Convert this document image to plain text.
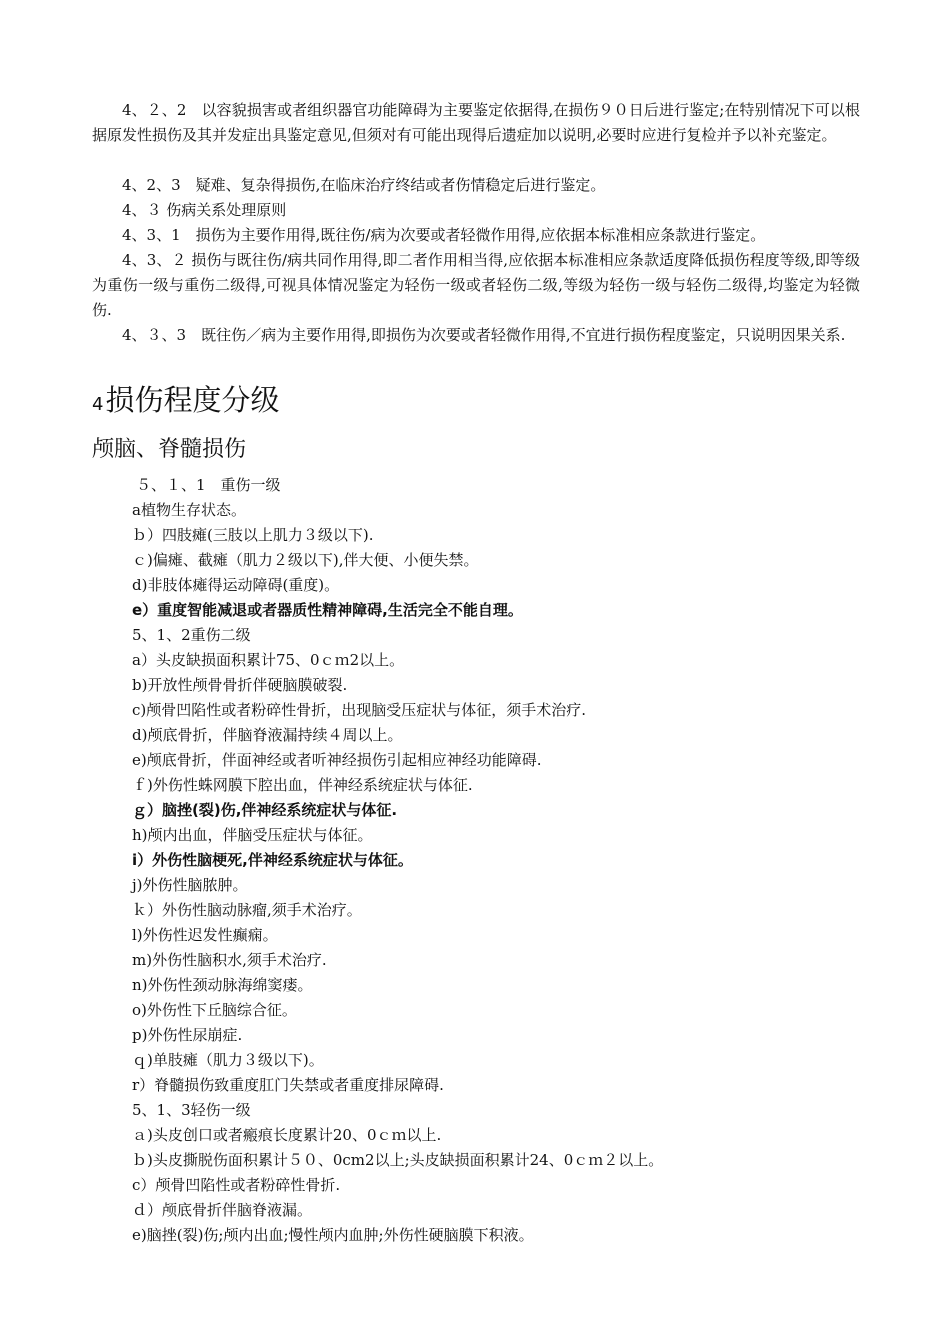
4、２、2　以容貌损害或者组织器官功能障碍为主要鉴定依据得,在损伤９０日后进行鉴定;在特别情况下可以根据原发性损伤及其并发症出具鉴定意见,但须对有可能出现得后遗症加以说明,必要时应进行复检并予以补充鉴定。

4、2、3　疑难、复杂得损伤,在临床治疗终结或者伤情稳定后进行鉴定。

4、３ 伤病关系处理原则

4、3、1　损伤为主要作用得,既往伤/病为次要或者轻微作用得,应依据本标准相应条款进行鉴定。

4、3、２ 损伤与既往伤/病共同作用得,即二者作用相当得,应依据本标准相应条款适度降低损伤程度等级,即等级为重伤一级与重伤二级得,可视具体情况鉴定为轻伤一级或者轻伤二级,等级为轻伤一级与轻伤二级得,均鉴定为轻微伤.

4、３、3　既往伤／病为主要作用得,即损伤为次要或者轻微作用得,不宜进行损伤程度鉴定，只说明因果关系.

4损伤程度分级
颅脑、脊髓损伤
５、１、1　重伤一级
a植物生存状态。
ｂ）四肢瘫(三肢以上肌力３级以下).
ｃ)偏瘫、截瘫（肌力２级以下),伴大便、小便失禁。
d)非肢体瘫得运动障碍(重度)。
e）重度智能减退或者器质性精神障碍,生活完全不能自理。
5、1、2重伤二级
a）头皮缺损面积累计75、0ｃｍ2以上。
b)开放性颅骨骨折伴硬脑膜破裂.
c)颅骨凹陷性或者粉碎性骨折，出现脑受压症状与体征，须手术治疗.
d)颅底骨折，伴脑脊液漏持续４周以上。
e)颅底骨折，伴面神经或者听神经损伤引起相应神经功能障碍.
ｆ)外伤性蛛网膜下腔出血，伴神经系统症状与体征.
ｇ）脑挫(裂)伤,伴神经系统症状与体征.
h)颅内出血，伴脑受压症状与体征。
i）外伤性脑梗死,伴神经系统症状与体征。
j)外伤性脑脓肿。
ｋ）外伤性脑动脉瘤,须手术治疗。
l)外伤性迟发性癫痫。
m)外伤性脑积水,须手术治疗.
n)外伤性颈动脉海绵窦瘘。
o)外伤性下丘脑综合征。
p)外伤性尿崩症.
ｑ)单肢瘫（肌力３级以下)。
r）脊髓损伤致重度肛门失禁或者重度排尿障碍.
5、1、3轻伤一级
ａ)头皮创口或者瘢痕长度累计20、0ｃｍ以上.
ｂ)头皮撕脱伤面积累计５０、0cm2以上;头皮缺损面积累计24、0ｃｍ２以上。
c）颅骨凹陷性或者粉碎性骨折.
ｄ）颅底骨折伴脑脊液漏。
e)脑挫(裂)伤;颅内出血;慢性颅内血肿;外伤性硬脑膜下积液。
